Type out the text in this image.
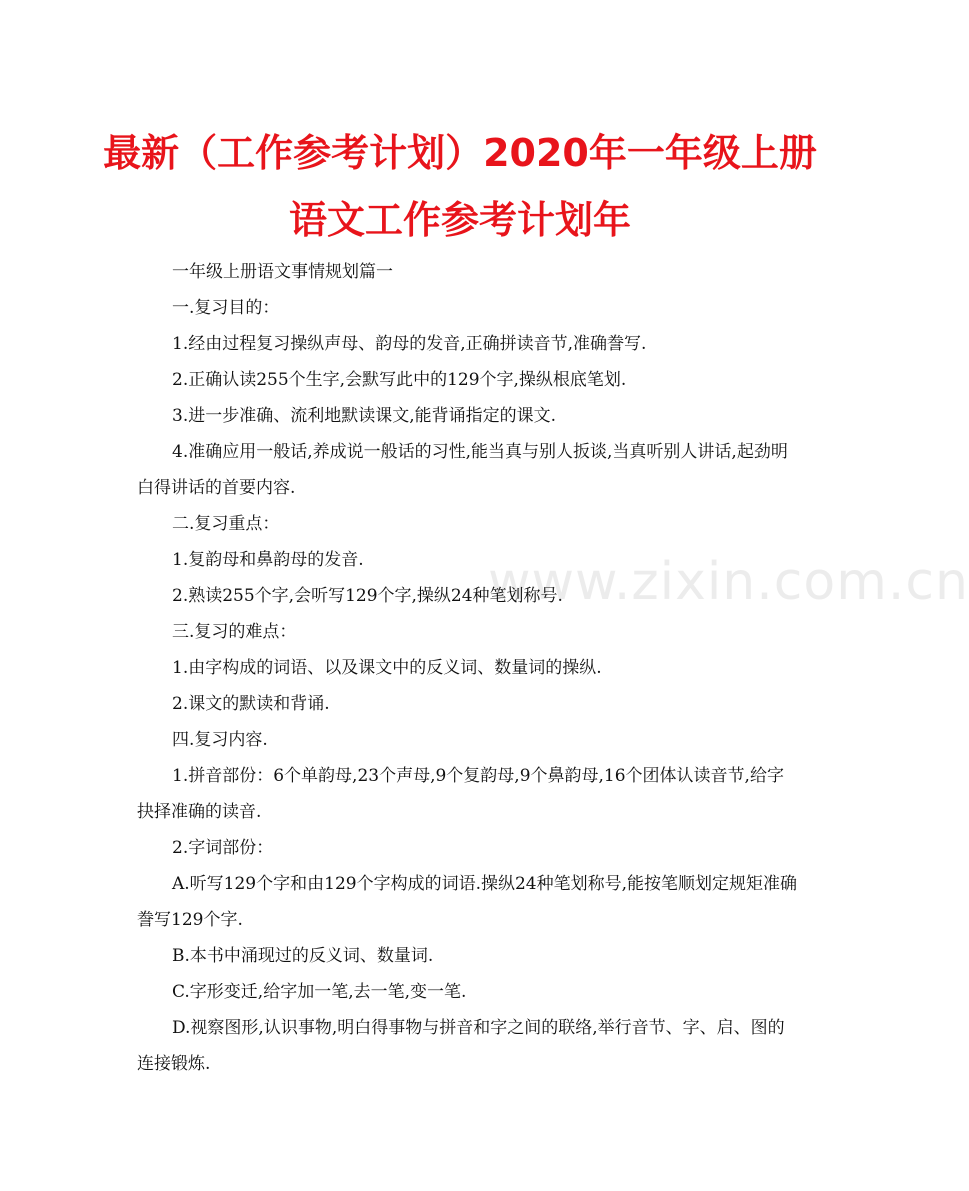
最新（工作参考计划）2020年一年级上册
语文工作参考计划年
www.zixin.com.cn
一年级上册语文事情规划篇一
一.复习目的：
1.经由过程复习操纵声母、韵母的发音,正确拼读音节,准确誊写.
2.正确认读255个生字,会默写此中的129个字,操纵根底笔划.
3.进一步准确、流利地默读课文,能背诵指定的课文.
4.准确应用一般话,养成说一般话的习性,能当真与别人扳谈,当真听别人讲话,起劲明白得讲话的首要内容.
二.复习重点：
1.复韵母和鼻韵母的发音.
2.熟读255个字,会听写129个字,操纵24种笔划称号.
三.复习的难点：
1.由字构成的词语、以及课文中的反义词、数量词的操纵.
2.课文的默读和背诵.
四.复习内容.
1.拼音部份：6个单韵母,23个声母,9个复韵母,9个鼻韵母,16个团体认读音节,给字抉择准确的读音.
2.字词部份：
A.听写129个字和由129个字构成的词语.操纵24种笔划称号,能按笔顺划定规矩准确誊写129个字.
B.本书中涌现过的反义词、数量词.
C.字形变迁,给字加一笔,去一笔,变一笔.
D.视察图形,认识事物,明白得事物与拼音和字之间的联络,举行音节、字、启、图的连接锻炼.
